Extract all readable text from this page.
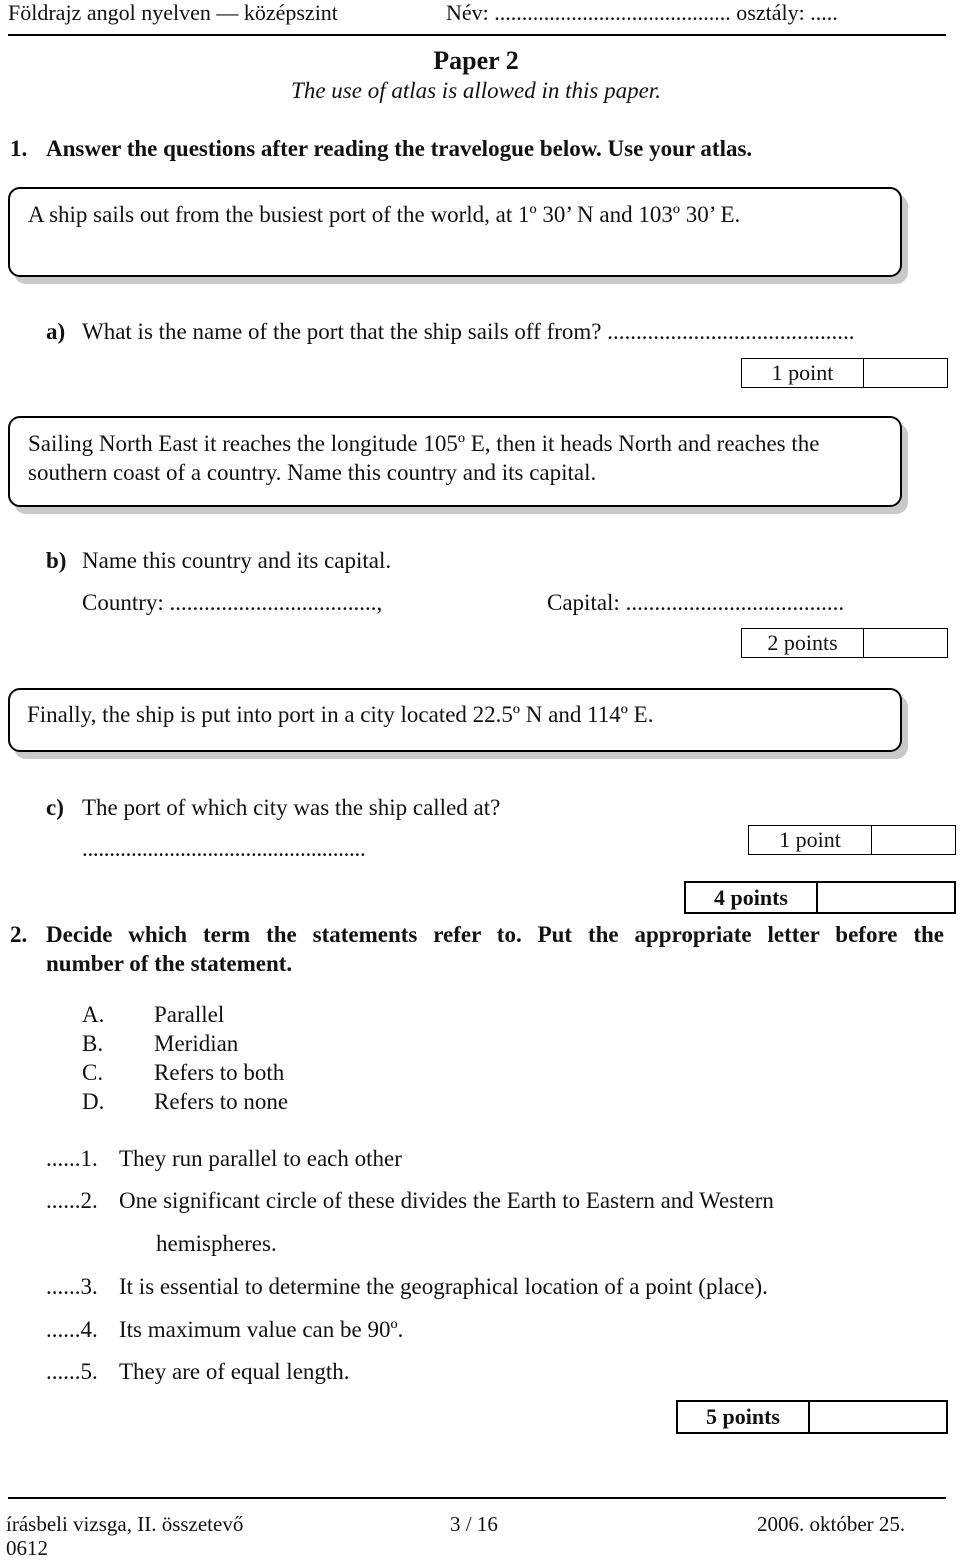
Földrajz angol nyelven — középszint	Név: ........................................... osztály: .....
Paper 2
The use of atlas is allowed in this paper.
1. Answer the questions after reading the travelogue below. Use your atlas.
A ship sails out from the busiest port of the world, at 1º 30’ N and 103º 30’ E.
a) What is the name of the port that the ship sails off from? ...........................................
1 point
Sailing North East it reaches the longitude 105º E, then it heads North and reaches the
southern coast of a country. Name this country and its capital.
b) Name this country and its capital.
Country: ....................................,	Capital: ......................................
2 points
Finally, the ship is put into port in a city located 22.5º N and 114º E.
c) The port of which city was the ship called at?
....................................................	1 point
4 points
2. Decide which term the statements refer to. Put the appropriate letter before the
number of the statement.
A. Parallel
B. Meridian
C. Refers to both
D. Refers to none
......1. They run parallel to each other
......2. One significant circle of these divides the Earth to Eastern and Western
hemispheres.
......3. It is essential to determine the geographical location of a point (place).
......4. Its maximum value can be 90º.
......5. They are of equal length.
5 points
írásbeli vizsga, II. összetevő
0612
3 / 16	2006. október 25.
